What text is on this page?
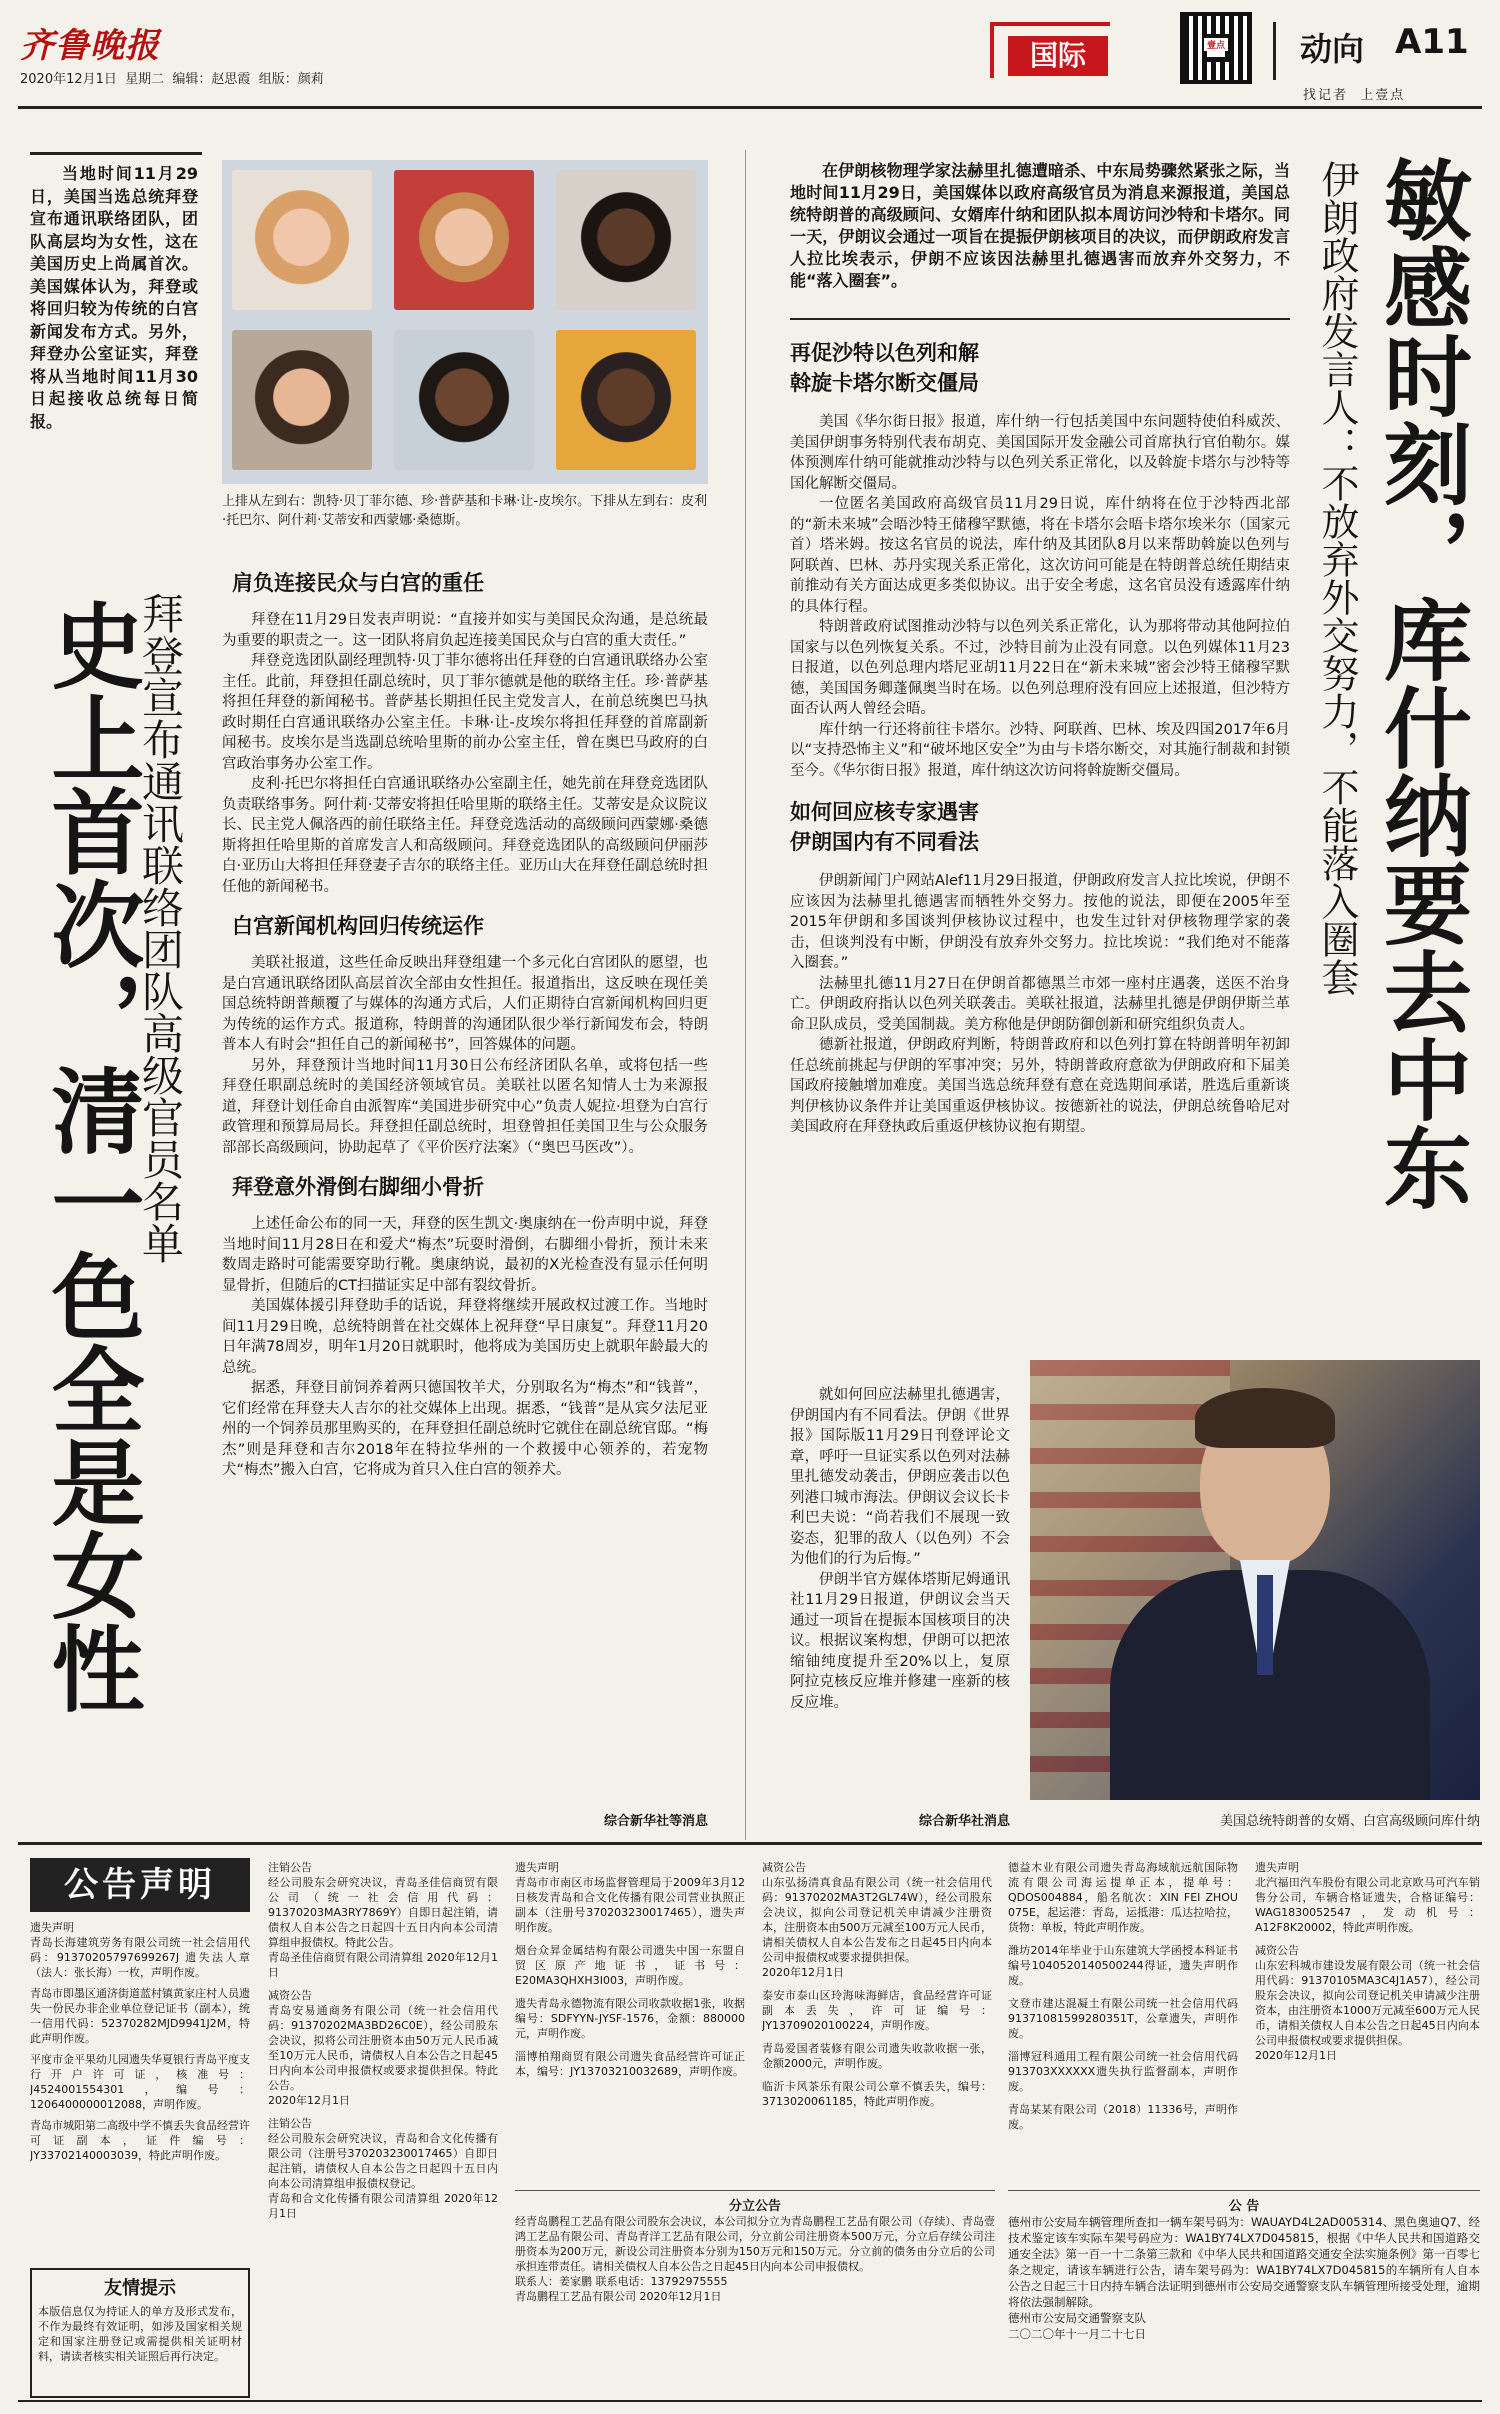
齐鲁晚报
2020年12月1日  星期二  编辑：赵思霞  组版：颜莉
国际	壹点 动向 A11
找记者  上壹点

当地时间11月29日，美国当选总统拜登宣布通讯联络团队，团队高层均为女性，这在美国历史上尚属首次。美国媒体认为，拜登或将回归较为传统的白宫新闻发布方式。另外，拜登办公室证实，拜登将从当地时间11月30日起接收总统每日简报。

上排从左到右：凯特·贝丁菲尔德、珍·普萨基和卡琳·让-皮埃尔。下排从左到右：皮利·托巴尔、阿什莉·艾蒂安和西蒙娜·桑德斯。

史上首次，清一色全是女性
拜登宣布通讯联络团队高级官员名单
肩负连接民众与白宫的重任

拜登在11月29日发表声明说：“直接并如实与美国民众沟通，是总统最为重要的职责之一。这一团队将肩负起连接美国民众与白宫的重大责任。”

拜登竞选团队副经理凯特·贝丁菲尔德将出任拜登的白宫通讯联络办公室主任。此前，拜登担任副总统时，贝丁菲尔德就是他的联络主任。珍·普萨基将担任拜登的新闻秘书。普萨基长期担任民主党发言人，在前总统奥巴马执政时期任白宫通讯联络办公室主任。卡琳·让-皮埃尔将担任拜登的首席副新闻秘书。皮埃尔是当选副总统哈里斯的前办公室主任，曾在奥巴马政府的白宫政治事务办公室工作。

皮利·托巴尔将担任白宫通讯联络办公室副主任，她先前在拜登竞选团队负责联络事务。阿什莉·艾蒂安将担任哈里斯的联络主任。艾蒂安是众议院议长、民主党人佩洛西的前任联络主任。拜登竞选活动的高级顾问西蒙娜·桑德斯将担任哈里斯的首席发言人和高级顾问。拜登竞选团队的高级顾问伊丽莎白·亚历山大将担任拜登妻子吉尔的联络主任。亚历山大在拜登任副总统时担任他的新闻秘书。

白宫新闻机构回归传统运作

美联社报道，这些任命反映出拜登组建一个多元化白宫团队的愿望，也是白宫通讯联络团队高层首次全部由女性担任。报道指出，这反映在现任美国总统特朗普颠覆了与媒体的沟通方式后，人们正期待白宫新闻机构回归更为传统的运作方式。报道称，特朗普的沟通团队很少举行新闻发布会，特朗普本人有时会“担任自己的新闻秘书”，回答媒体的问题。

另外，拜登预计当地时间11月30日公布经济团队名单，或将包括一些拜登任职副总统时的美国经济领域官员。美联社以匿名知情人士为来源报道，拜登计划任命自由派智库“美国进步研究中心”负责人妮拉·坦登为白宫行政管理和预算局局长。拜登担任副总统时，坦登曾担任美国卫生与公众服务部部长高级顾问，协助起草了《平价医疗法案》（“奥巴马医改”）。

拜登意外滑倒右脚细小骨折

上述任命公布的同一天，拜登的医生凯文·奥康纳在一份声明中说，拜登当地时间11月28日在和爱犬“梅杰”玩耍时滑倒，右脚细小骨折，预计未来数周走路时可能需要穿助行靴。奥康纳说，最初的X光检查没有显示任何明显骨折，但随后的CT扫描证实足中部有裂纹骨折。

美国媒体援引拜登助手的话说，拜登将继续开展政权过渡工作。当地时间11月29日晚，总统特朗普在社交媒体上祝拜登“早日康复”。拜登11月20日年满78周岁，明年1月20日就职时，他将成为美国历史上就职年龄最大的总统。

据悉，拜登目前饲养着两只德国牧羊犬，分别取名为“梅杰”和“钱普”，它们经常在拜登夫人吉尔的社交媒体上出现。据悉，“钱普”是从宾夕法尼亚州的一个饲养员那里购买的，在拜登担任副总统时它就住在副总统官邸。“梅杰”则是拜登和吉尔2018年在特拉华州的一个救援中心领养的，若宠物犬“梅杰”搬入白宫，它将成为首只入住白宫的领养犬。

综合新华社等消息
敏感时刻，库什纳要去中东
伊朗政府发言人：不放弃外交努力，不能落入圈套

在伊朗核物理学家法赫里扎德遭暗杀、中东局势骤然紧张之际，当地时间11月29日，美国媒体以政府高级官员为消息来源报道，美国总统特朗普的高级顾问、女婿库什纳和团队拟本周访问沙特和卡塔尔。同一天，伊朗议会通过一项旨在提振伊朗核项目的决议，而伊朗政府发言人拉比埃表示，伊朗不应该因法赫里扎德遇害而放弃外交努力，不能“落入圈套”。

再促沙特以色列和解
斡旋卡塔尔断交僵局

美国《华尔街日报》报道，库什纳一行包括美国中东问题特使伯科威茨、美国伊朗事务特别代表布胡克、美国国际开发金融公司首席执行官伯勒尔。媒体预测库什纳可能就推动沙特与以色列关系正常化，以及斡旋卡塔尔与沙特等国化解断交僵局。

一位匿名美国政府高级官员11月29日说，库什纳将在位于沙特西北部的“新未来城”会晤沙特王储穆罕默德，将在卡塔尔会晤卡塔尔埃米尔（国家元首）塔米姆。按这名官员的说法，库什纳及其团队8月以来帮助斡旋以色列与阿联酋、巴林、苏丹实现关系正常化，这次访问可能是在特朗普总统任期结束前推动有关方面达成更多类似协议。出于安全考虑，这名官员没有透露库什纳的具体行程。

特朗普政府试图推动沙特与以色列关系正常化，认为那将带动其他阿拉伯国家与以色列恢复关系。不过，沙特目前为止没有同意。以色列媒体11月23日报道，以色列总理内塔尼亚胡11月22日在“新未来城”密会沙特王储穆罕默德，美国国务卿蓬佩奥当时在场。以色列总理府没有回应上述报道，但沙特方面否认两人曾经会晤。

库什纳一行还将前往卡塔尔。沙特、阿联酋、巴林、埃及四国2017年6月以“支持恐怖主义”和“破坏地区安全”为由与卡塔尔断交，对其施行制裁和封锁至今。《华尔街日报》报道，库什纳这次访问将斡旋断交僵局。

如何回应核专家遇害
伊朗国内有不同看法

伊朗新闻门户网站Alef11月29日报道，伊朗政府发言人拉比埃说，伊朗不应该因为法赫里扎德遇害而牺牲外交努力。按他的说法，即便在2005年至2015年伊朗和多国谈判伊核协议过程中，也发生过针对伊核物理学家的袭击，但谈判没有中断，伊朗没有放弃外交努力。拉比埃说：“我们绝对不能落入圈套。”

法赫里扎德11月27日在伊朗首都德黑兰市郊一座村庄遇袭，送医不治身亡。伊朗政府指认以色列关联袭击。美联社报道，法赫里扎德是伊朗伊斯兰革命卫队成员，受美国制裁。美方称他是伊朗防御创新和研究组织负责人。

德新社报道，伊朗政府判断，特朗普政府和以色列打算在特朗普明年初卸任总统前挑起与伊朗的军事冲突；另外，特朗普政府意欲为伊朗政府和下届美国政府接触增加难度。美国当选总统拜登有意在竞选期间承诺，胜选后重新谈判伊核协议条件并让美国重返伊核协议。按德新社的说法，伊朗总统鲁哈尼对美国政府在拜登执政后重返伊核协议抱有期望。

就如何回应法赫里扎德遇害，伊朗国内有不同看法。伊朗《世界报》国际版11月29日刊登评论文章，呼吁一旦证实系以色列对法赫里扎德发动袭击，伊朗应袭击以色列港口城市海法。伊朗议会议长卡利巴夫说：“尚若我们不展现一致姿态，犯罪的敌人（以色列）不会为他们的行为后悔。”

伊朗半官方媒体塔斯尼姆通讯社11月29日报道，伊朗议会当天通过一项旨在提振本国核项目的决议。根据议案构想，伊朗可以把浓缩铀纯度提升至20%以上，复原阿拉克核反应堆并修建一座新的核反应堆。

综合新华社消息	美国总统特朗普的女婿、白宫高级顾问库什纳
公告声明
遗失声明
青岛长海建筑劳务有限公司统一社会信用代码：91370205797699267J 遗失法人章（法人：张长海）一枚，声明作废。
青岛市即墨区通济街道蓝村镇黄家庄村人员遗失一份民办非企业单位登记证书（副本），统一信用代码：52370282MJD9941J2M，特此声明作废。
平度市金平果幼儿园遗失华夏银行青岛平度支行开户许可证，核准号：J4524001554301，编号：1206400000012088，声明作废。
青岛市城阳第二高级中学不慎丢失食品经营许可证副本，证件编号：JY33702140003039，特此声明作废。
友情提示
本版信息仅为持证人的单方及形式发布，不作为最终有效证明，如涉及国家相关规定和国家注册登记或需提供相关证明材料，请读者核实相关证照后再行决定。
注销公告
经公司股东会研究决议，青岛圣佳信商贸有限公司（统一社会信用代码：91370203MA3RY7869Y）自即日起注销，请债权人自本公告之日起四十五日内向本公司清算组申报债权。特此公告。
青岛圣佳信商贸有限公司清算组 2020年12月1日
减资公告
青岛安易通商务有限公司（统一社会信用代码：91370202MA3BD26C0E），经公司股东会决议，拟将公司注册资本由50万元人民币减至10万元人民币，请债权人自本公告之日起45日内向本公司申报债权或要求提供担保。特此公告。
2020年12月1日
注销公告
经公司股东会研究决议，青岛和合文化传播有限公司（注册号370203230017465）自即日起注销，请债权人自本公告之日起四十五日内向本公司清算组申报债权登记。
青岛和合文化传播有限公司清算组 2020年12月1日
遗失声明
青岛市市南区市场监督管理局于2009年3月12日核发青岛和合文化传播有限公司营业执照正副本（注册号370203230017465），遗失声明作废。
烟台众昇金属结构有限公司遗失中国一东盟自贸区原产地证书，证书号：E20MA3QHXH3I003，声明作废。
遗失青岛永德物流有限公司收款收据1张，收据编号：SDFYYN-JYSF-1576，金额：880000元，声明作废。
淄博柏翔商贸有限公司遗失食品经营许可证正本，编号：JY13703210032689，声明作废。
减资公告
山东弘扬清真食品有限公司（统一社会信用代码：91370202MA3T2GL74W），经公司股东会决议，拟向公司登记机关申请减少注册资本，注册资本由500万元减至100万元人民币，请相关债权人自本公告发布之日起45日内向本公司申报债权或要求提供担保。
2020年12月1日
泰安市泰山区玲海味海鲜店，食品经营许可证副本丢失，许可证编号：JY13709020100224，声明作废。
青岛爱国者装修有限公司遗失收款收据一张，金额2000元，声明作废。
临沂卡风茶乐有限公司公章不慎丢失，编号：3713020061185，特此声明作废。
德益木业有限公司遗失青岛海域航远航国际物流有限公司海运提单正本，提单号：QDOS004884，船名航次：XIN FEI ZHOU 075E，起运港：青岛，运抵港：瓜达拉哈拉，货物：单板，特此声明作废。
潍坊2014年毕业于山东建筑大学函授本科证书编号1040520140500244得证，遗失声明作废。
文登市建达混凝土有限公司统一社会信用代码91371081599280351T，公章遗失，声明作废。
淄博冠科通用工程有限公司统一社会信用代码913703XXXXXX遗失执行监督副本，声明作废。
青岛某某有限公司（2018）11336号，声明作废。
遗失声明
北汽福田汽车股份有限公司北京欧马可汽车销售分公司，车辆合格证遗失，合格证编号：WAG1830052547，发动机号：A12F8K20002，特此声明作废。
减资公告
山东宏科城市建设发展有限公司（统一社会信用代码：91370105MA3C4J1A57），经公司股东会决议，拟向公司登记机关申请减少注册资本，由注册资本1000万元减至600万元人民币，请相关债权人自本公告之日起45日内向本公司申报债权或要求提供担保。
2020年12月1日
分立公告
经青岛鹏程工艺品有限公司股东会决议，本公司拟分立为青岛鹏程工艺品有限公司（存续）、青岛壹鸿工艺品有限公司、青岛青洋工艺品有限公司，分立前公司注册资本500万元，分立后存续公司注册资本为200万元，新设公司注册资本分别为150万元和150万元。分立前的债务由分立后的公司承担连带责任。请相关债权人自本公告之日起45日内向本公司申报债权。
联系人：姜家鹏 联系电话：13792975555
青岛鹏程工艺品有限公司 2020年12月1日
公 告
德州市公安局车辆管理所查扣一辆车架号码为：WAUAYD4L2AD005314、黑色奥迪Q7、经技术鉴定该车实际车架号码应为：WA1BY74LX7D045815，根据《中华人民共和国道路交通安全法》第一百一十二条第三款和《中华人民共和国道路交通安全法实施条例》第一百零七条之规定，请该车辆进行公告，请车架号码为：WA1BY74LX7D045815的车辆所有人自本公告之日起三十日内持车辆合法证明到德州市公安局交通警察支队车辆管理所接受处理，逾期将依法强制解除。
德州市公安局交通警察支队
二〇二〇年十一月二十七日
